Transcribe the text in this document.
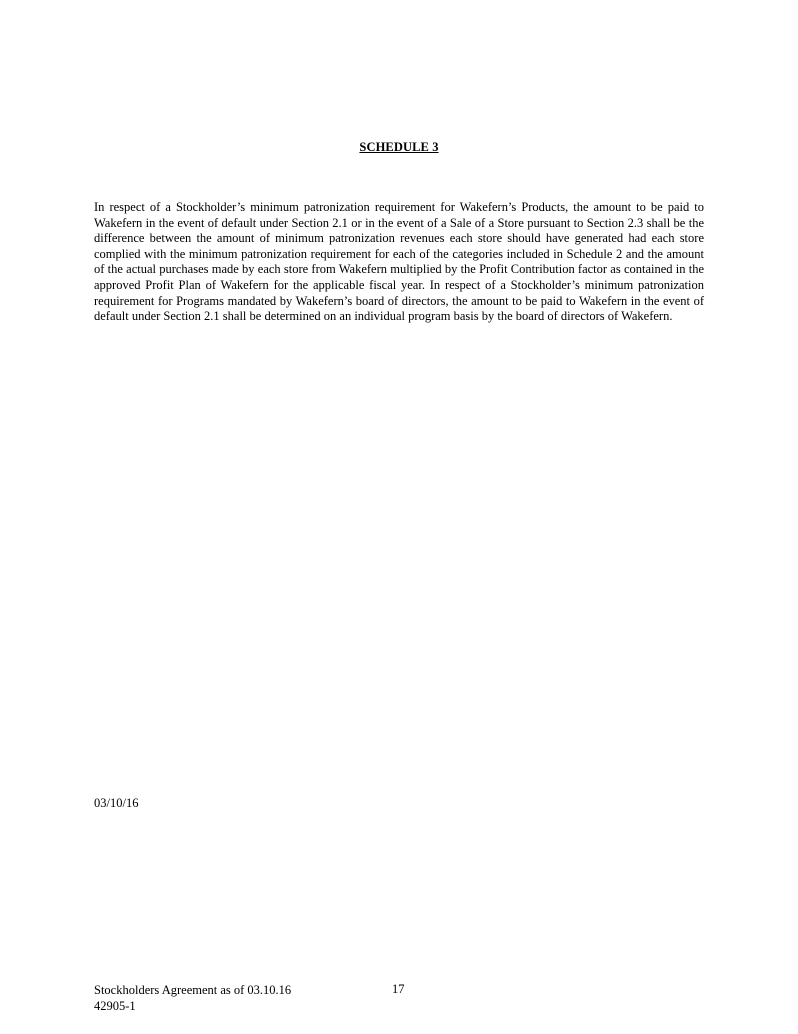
SCHEDULE 3
In respect of a Stockholder’s minimum patronization requirement for Wakefern’s Products, the amount to be paid to Wakefern in the event of default under Section 2.1 or in the event of a Sale of a Store pursuant to Section 2.3 shall be the difference between the amount of minimum patronization revenues each store should have generated had each store complied with the minimum patronization requirement for each of the categories included in Schedule 2 and the amount of the actual purchases made by each store from Wakefern multiplied by the Profit Contribution factor as contained in the approved Profit Plan of Wakefern for the applicable fiscal year. In respect of a Stockholder’s minimum patronization requirement for Programs mandated by Wakefern’s board of directors, the amount to be paid to Wakefern in the event of default under Section 2.1 shall be determined on an individual program basis by the board of directors of Wakefern.
03/10/16
Stockholders Agreement as of 03.10.16
42905-1
17
